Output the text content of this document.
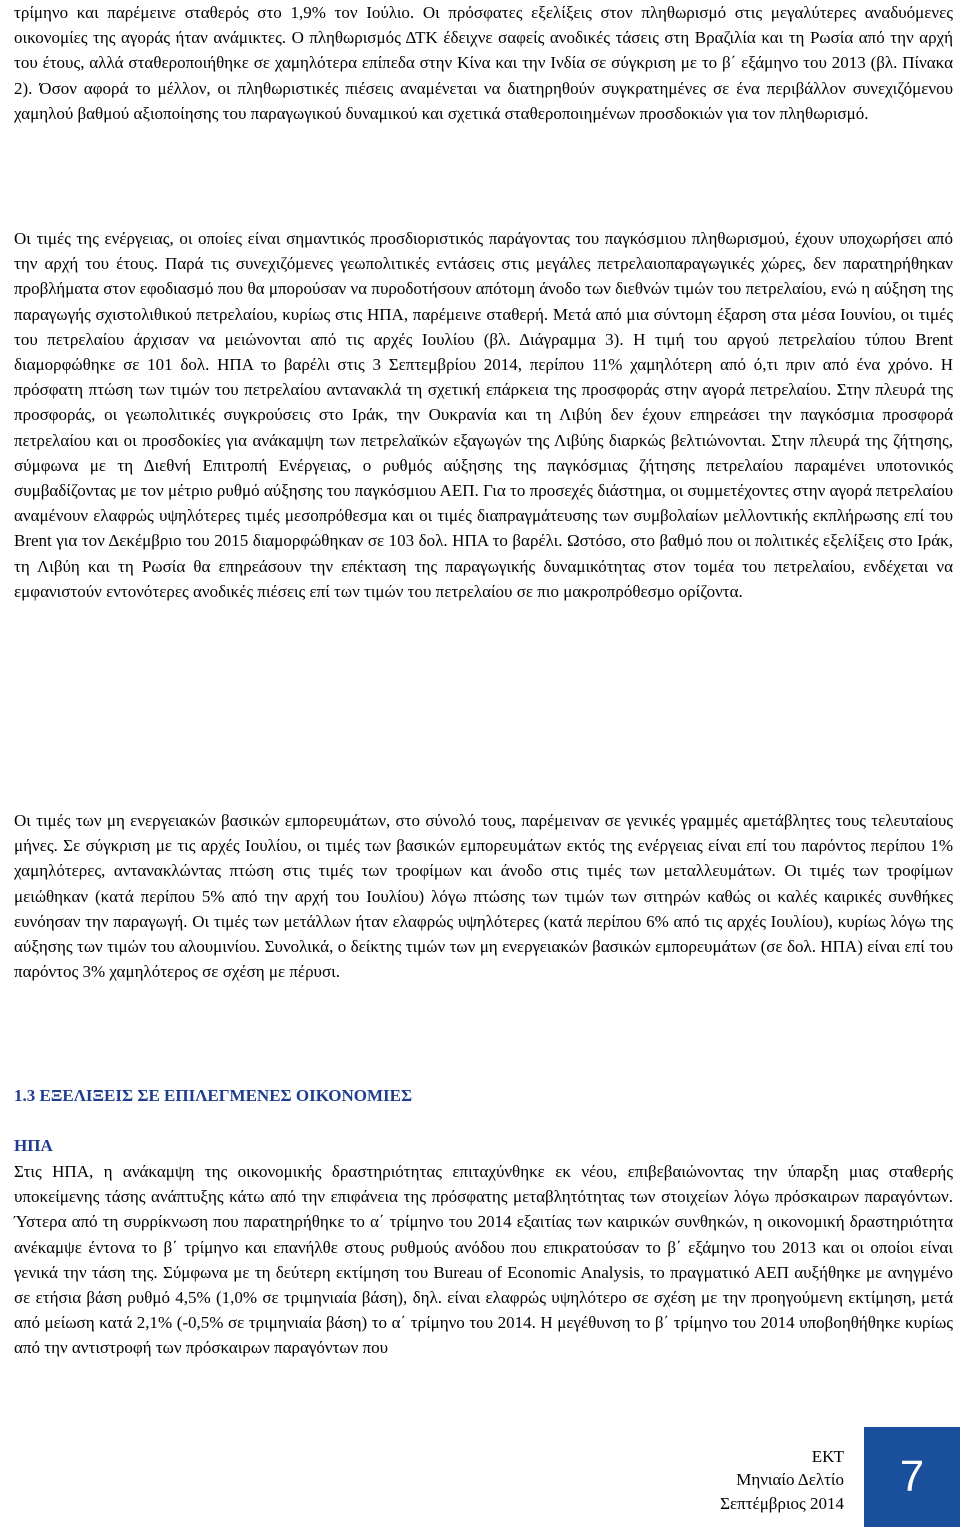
τρίμηνο και παρέμεινε σταθερός στο 1,9% τον Ιούλιο. Οι πρόσφατες εξελίξεις στον πληθωρισμό στις μεγαλύτερες αναδυόμενες οικονομίες της αγοράς ήταν ανάμικτες. Ο πληθωρισμός ΔΤΚ έδειχνε σαφείς ανοδικές τάσεις στη Βραζιλία και τη Ρωσία από την αρχή του έτους, αλλά σταθεροποιήθηκε σε χαμηλότερα επίπεδα στην Κίνα και την Ινδία σε σύγκριση με το β΄ εξάμηνο του 2013 (βλ. Πίνακα 2). Όσον αφορά το μέλλον, οι πληθωριστικές πιέσεις αναμένεται να διατηρηθούν συγκρατημένες σε ένα περιβάλλον συνεχιζόμενου χαμηλού βαθμού αξιοποίησης του παραγωγικού δυναμικού και σχετικά σταθεροποιημένων προσδοκιών για τον πληθωρισμό.

Οι τιμές της ενέργειας, οι οποίες είναι σημαντικός προσδιοριστικός παράγοντας του παγκόσμιου πληθωρισμού, έχουν υποχωρήσει από την αρχή του έτους. Παρά τις συνεχιζόμενες γεωπολιτικές εντάσεις στις μεγάλες πετρελαιοπαραγωγικές χώρες, δεν παρατηρήθηκαν προβλήματα στον εφοδιασμό που θα μπορούσαν να πυροδοτήσουν απότομη άνοδο των διεθνών τιμών του πετρελαίου, ενώ η αύξηση της παραγωγής σχιστολιθικού πετρελαίου, κυρίως στις ΗΠΑ, παρέμεινε σταθερή. Μετά από μια σύντομη έξαρση στα μέσα Ιουνίου, οι τιμές του πετρελαίου άρχισαν να μειώνονται από τις αρχές Ιουλίου (βλ. Διάγραμμα 3). Η τιμή του αργού πετρελαίου τύπου Brent διαμορφώθηκε σε 101 δολ. ΗΠΑ το βαρέλι στις 3 Σεπτεμβρίου 2014, περίπου 11% χαμηλότερη από ό,τι πριν από ένα χρόνο. Η πρόσφατη πτώση των τιμών του πετρελαίου αντανακλά τη σχετική επάρκεια της προσφοράς στην αγορά πετρελαίου. Στην πλευρά της προσφοράς, οι γεωπολιτικές συγκρούσεις στο Ιράκ, την Ουκρανία και τη Λιβύη δεν έχουν επηρεάσει την παγκόσμια προσφορά πετρελαίου και οι προσδοκίες για ανάκαμψη των πετρελαϊκών εξαγωγών της Λιβύης διαρκώς βελτιώνονται. Στην πλευρά της ζήτησης, σύμφωνα με τη Διεθνή Επιτροπή Ενέργειας, ο ρυθμός αύξησης της παγκόσμιας ζήτησης πετρελαίου παραμένει υποτονικός συμβαδίζοντας με τον μέτριο ρυθμό αύξησης του παγκόσμιου ΑΕΠ. Για το προσεχές διάστημα, οι συμμετέχοντες στην αγορά πετρελαίου αναμένουν ελαφρώς υψηλότερες τιμές μεσοπρόθεσμα και οι τιμές διαπραγμάτευσης των συμβολαίων μελλοντικής εκπλήρωσης επί του Brent για τον Δεκέμβριο του 2015 διαμορφώθηκαν σε 103 δολ. ΗΠΑ το βαρέλι. Ωστόσο, στο βαθμό που οι πολιτικές εξελίξεις στο Ιράκ, τη Λιβύη και τη Ρωσία θα επηρεάσουν την επέκταση της παραγωγικής δυναμικότητας στον τομέα του πετρελαίου, ενδέχεται να εμφανιστούν εντονότερες ανοδικές πιέσεις επί των τιμών του πετρελαίου σε πιο μακροπρόθεσμο ορίζοντα.

Οι τιμές των μη ενεργειακών βασικών εμπορευμάτων, στο σύνολό τους, παρέμειναν σε γενικές γραμμές αμετάβλητες τους τελευταίους μήνες. Σε σύγκριση με τις αρχές Ιουλίου, οι τιμές των βασικών εμπορευμάτων εκτός της ενέργειας είναι επί του παρόντος περίπου 1% χαμηλότερες, αντανακλώντας πτώση στις τιμές των τροφίμων και άνοδο στις τιμές των μεταλλευμάτων. Οι τιμές των τροφίμων μειώθηκαν (κατά περίπου 5% από την αρχή του Ιουλίου) λόγω πτώσης των τιμών των σιτηρών καθώς οι καλές καιρικές συνθήκες ευνόησαν την παραγωγή. Οι τιμές των μετάλλων ήταν ελαφρώς υψηλότερες (κατά περίπου 6% από τις αρχές Ιουλίου), κυρίως λόγω της αύξησης των τιμών του αλουμινίου. Συνολικά, ο δείκτης τιμών των μη ενεργειακών βασικών εμπορευμάτων (σε δολ. ΗΠΑ) είναι επί του παρόντος 3% χαμηλότερος σε σχέση με πέρυσι.

1.3 ΕΞΕΛΙΞΕΙΣ ΣΕ ΕΠΙΛΕΓΜΕΝΕΣ ΟΙΚΟΝΟΜΙΕΣ
ΗΠΑ

Στις ΗΠΑ, η ανάκαμψη της οικονομικής δραστηριότητας επιταχύνθηκε εκ νέου, επιβεβαιώνοντας την ύπαρξη μιας σταθερής υποκείμενης τάσης ανάπτυξης κάτω από την επιφάνεια της πρόσφατης μεταβλητότητας των στοιχείων λόγω πρόσκαιρων παραγόντων. Ύστερα από τη συρρίκνωση που παρατηρήθηκε το α΄ τρίμηνο του 2014 εξαιτίας των καιρικών συνθηκών, η οικονομική δραστηριότητα ανέκαμψε έντονα το β΄ τρίμηνο και επανήλθε στους ρυθμούς ανόδου που επικρατούσαν το β΄ εξάμηνο του 2013 και οι οποίοι είναι γενικά την τάση της. Σύμφωνα με τη δεύτερη εκτίμηση του Bureau of Economic Analysis, το πραγματικό ΑΕΠ αυξήθηκε με ανηγμένο σε ετήσια βάση ρυθμό 4,5% (1,0% σε τριμηνιαία βάση), δηλ. είναι ελαφρώς υψηλότερο σε σχέση με την προηγούμενη εκτίμηση, μετά από μείωση κατά 2,1% (-0,5% σε τριμηνιαία βάση) το α΄ τρίμηνο του 2014. Η μεγέθυνση το β΄ τρίμηνο του 2014 υποβοηθήθηκε κυρίως από την αντιστροφή των πρόσκαιρων παραγόντων που

ΕΚΤ
Μηνιαίο Δελτίο
Σεπτέμβριος 2014
7
